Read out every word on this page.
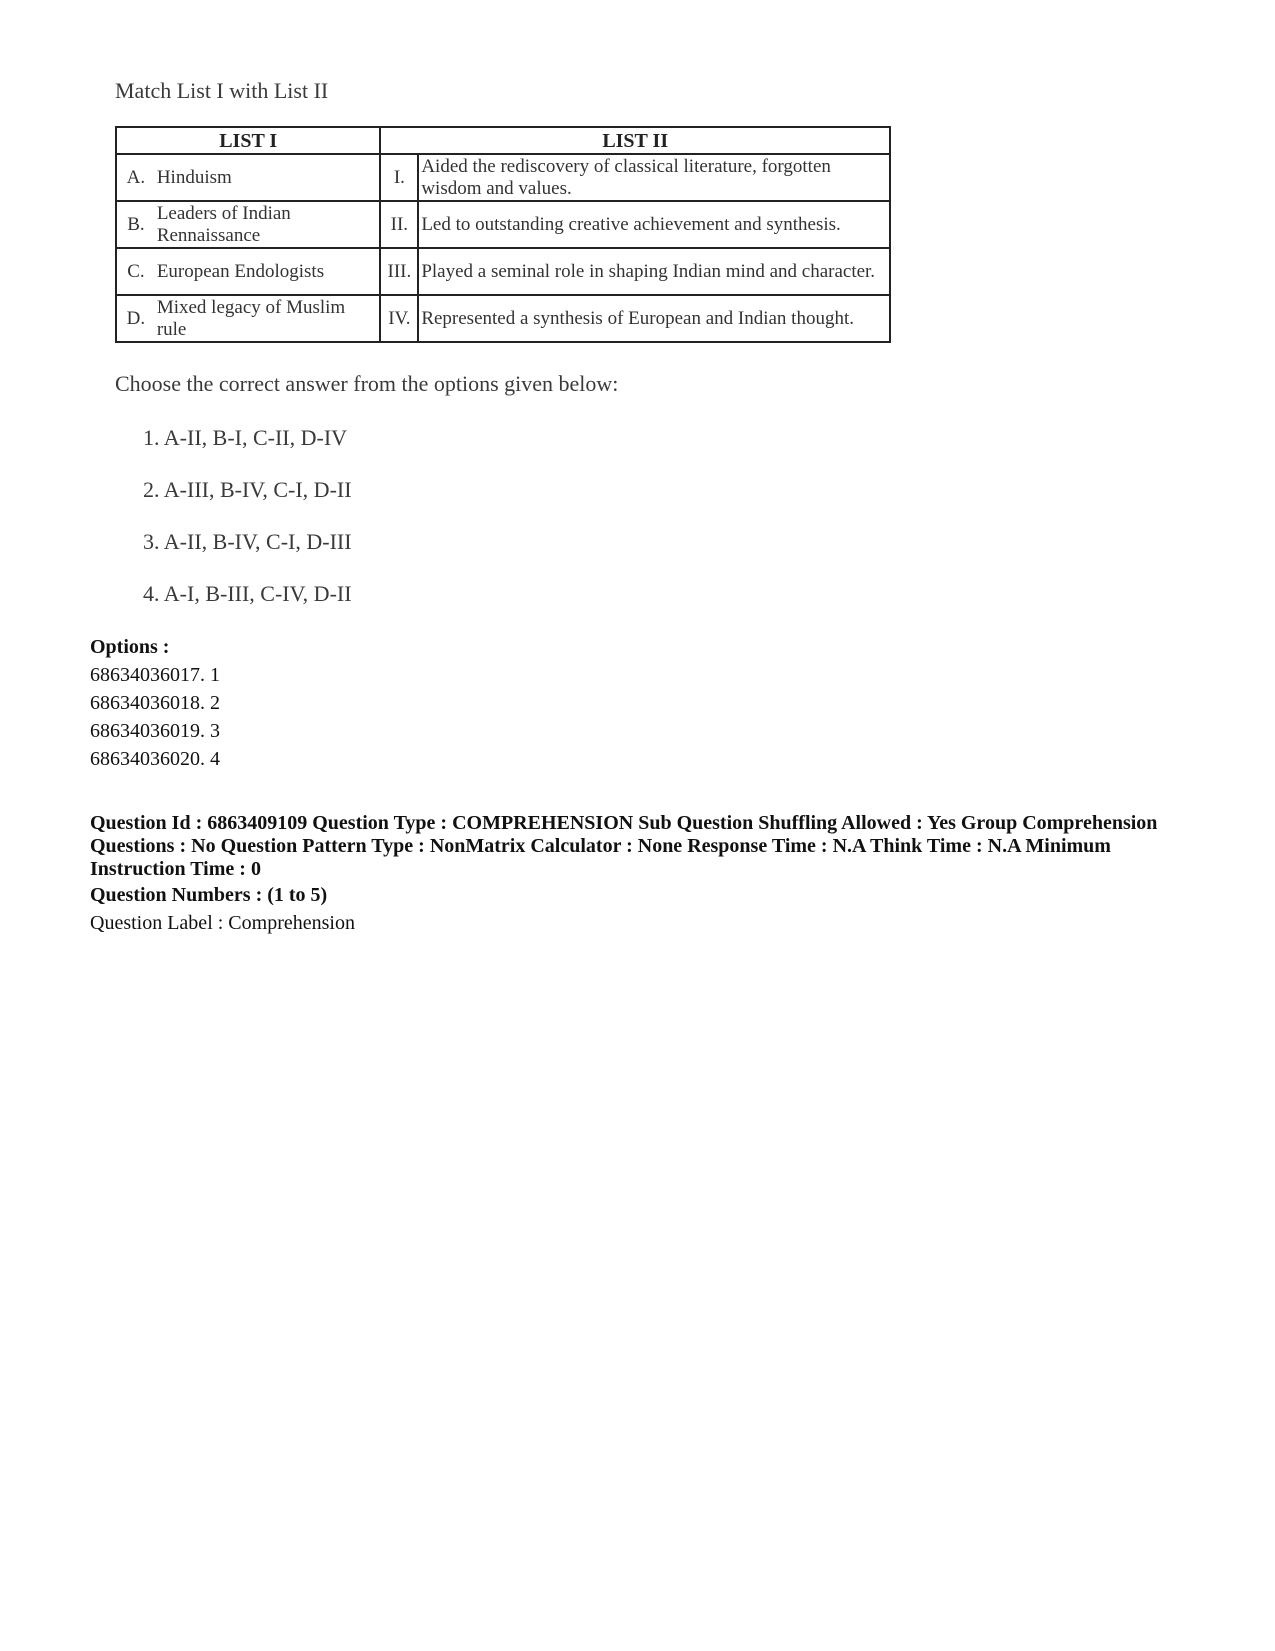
Match List I with List II
LIST I		LIST II	
A.	Hinduism	I.	Aided the rediscovery of classical literature, forgotten wisdom and values.
B.	Leaders of Indian Rennaissance	II.	Led to outstanding creative achievement and synthesis.
C.	European Endologists	III.	Played a seminal role in shaping Indian mind and character.
D.	Mixed legacy of Muslim rule	IV.	Represented a synthesis of European and Indian thought.
Choose the correct answer from the options given below:
1. A-II, B-I, C-II, D-IV
2. A-III, B-IV, C-I, D-II
3. A-II, B-IV, C-I, D-III
4. A-I, B-III, C-IV, D-II
Options :
68634036017. 1
68634036018. 2
68634036019. 3
68634036020. 4
Question Id : 6863409109 Question Type : COMPREHENSION Sub Question Shuffling Allowed : Yes Group Comprehension Questions : No Question Pattern Type : NonMatrix Calculator : None Response Time : N.A Think Time : N.A Minimum Instruction Time : 0
Question Numbers : (1 to 5)
Question Label : Comprehension
